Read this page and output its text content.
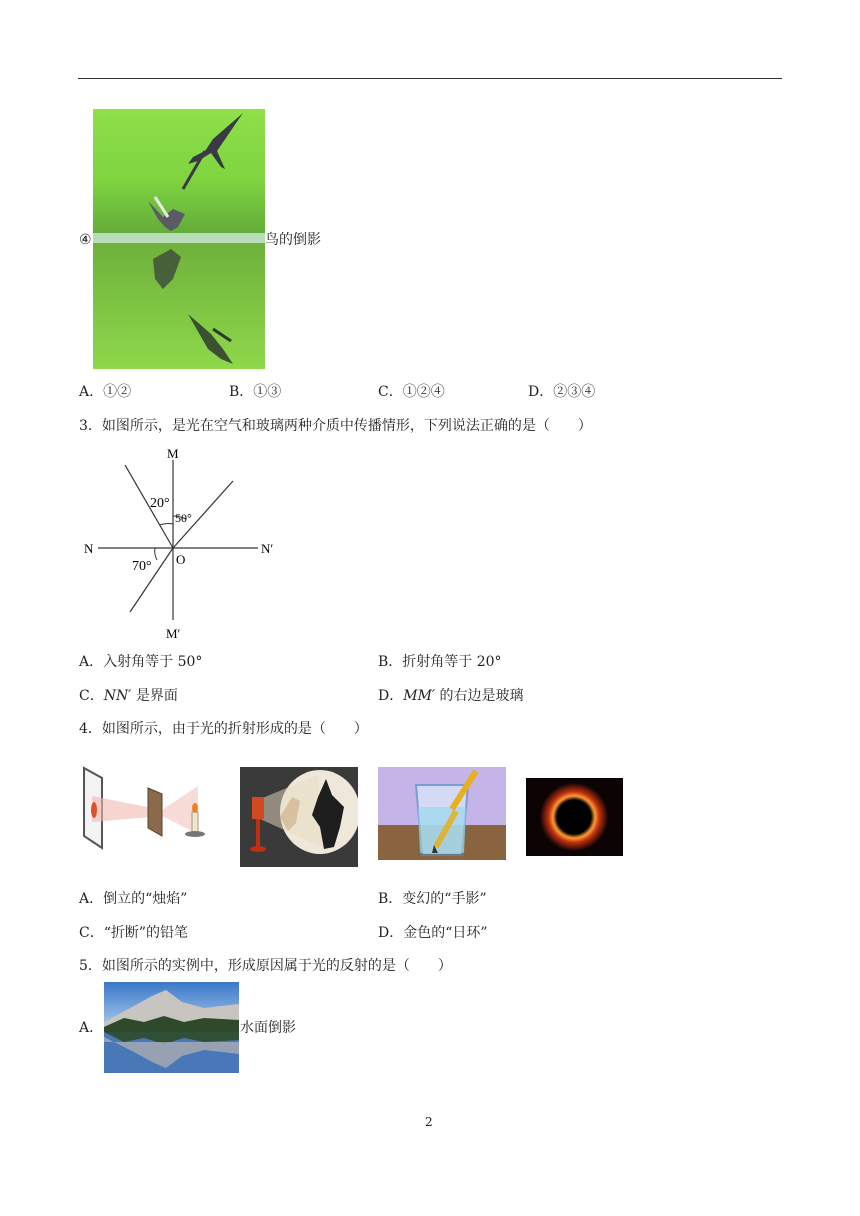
④	鸟的倒影
A．①②	B．①③	C．①②④	D．②③④
3．如图所示，是光在空气和玻璃两种介质中传播情形，下列说法正确的是（　　）
M
M′
N	N′
O
20°
50°
70°
A．入射角等于 50°	B．折射角等于 20°
C．NN′ 是界面	D．MM′ 的右边是玻璃
4．如图所示，由于光的折射形成的是（　　）
A．倒立的“烛焰”	B．变幻的“手影”
C．“折断”的铅笔	D．金色的“日环”
5．如图所示的实例中，形成原因属于光的反射的是（　　）
A．	水面倒影
2
